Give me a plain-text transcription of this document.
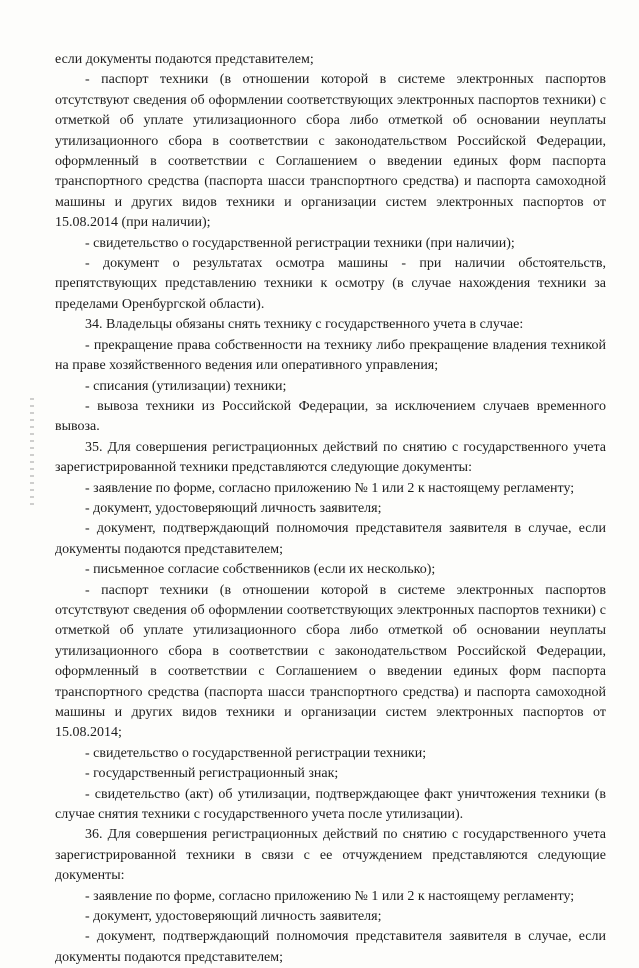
если документы подаются представителем;

- паспорт техники (в отношении которой в системе электронных паспортов отсутствуют сведения об оформлении соответствующих электронных паспортов техники) с отметкой об уплате утилизационного сбора либо отметкой об основании неуплаты утилизационного сбора в соответствии с законодательством Российской Федерации, оформленный в соответствии с Соглашением о введении единых форм паспорта транспортного средства (паспорта шасси транспортного средства) и паспорта самоходной машины и других видов техники и организации систем электронных паспортов от 15.08.2014 (при наличии);

- свидетельство о государственной регистрации техники (при наличии);

- документ о результатах осмотра машины - при наличии обстоятельств, препятствующих представлению техники к осмотру (в случае нахождения техники за пределами Оренбургской области).

34. Владельцы обязаны снять технику с государственного учета в случае:

- прекращение права собственности на технику либо прекращение владения техникой на праве хозяйственного ведения или оперативного управления;

- списания (утилизации) техники;

- вывоза техники из Российской Федерации, за исключением случаев временного вывоза.

35. Для совершения регистрационных действий по снятию с государственного учета зарегистрированной техники представляются следующие документы:

- заявление по форме, согласно приложению № 1 или 2 к настоящему регламенту;

- документ, удостоверяющий личность заявителя;

- документ, подтверждающий полномочия представителя заявителя в случае, если документы подаются представителем;

- письменное согласие собственников (если их несколько);

- паспорт техники (в отношении которой в системе электронных паспортов отсутствуют сведения об оформлении соответствующих электронных паспортов техники) с отметкой об уплате утилизационного сбора либо отметкой об основании неуплаты утилизационного сбора в соответствии с законодательством Российской Федерации, оформленный в соответствии с Соглашением о введении единых форм паспорта транспортного средства (паспорта шасси транспортного средства) и паспорта самоходной машины и других видов техники и организации систем электронных паспортов от 15.08.2014;

- свидетельство о государственной регистрации техники;

- государственный регистрационный знак;

- свидетельство (акт) об утилизации, подтверждающее факт уничтожения техники (в случае снятия техники с государственного учета после утилизации).

36. Для совершения регистрационных действий по снятию с государственного учета зарегистрированной техники в связи с ее отчуждением представляются следующие документы:

- заявление по форме, согласно приложению № 1 или 2 к настоящему регламенту;

- документ, удостоверяющий личность заявителя;

- документ, подтверждающий полномочия представителя заявителя в случае, если документы подаются представителем;
